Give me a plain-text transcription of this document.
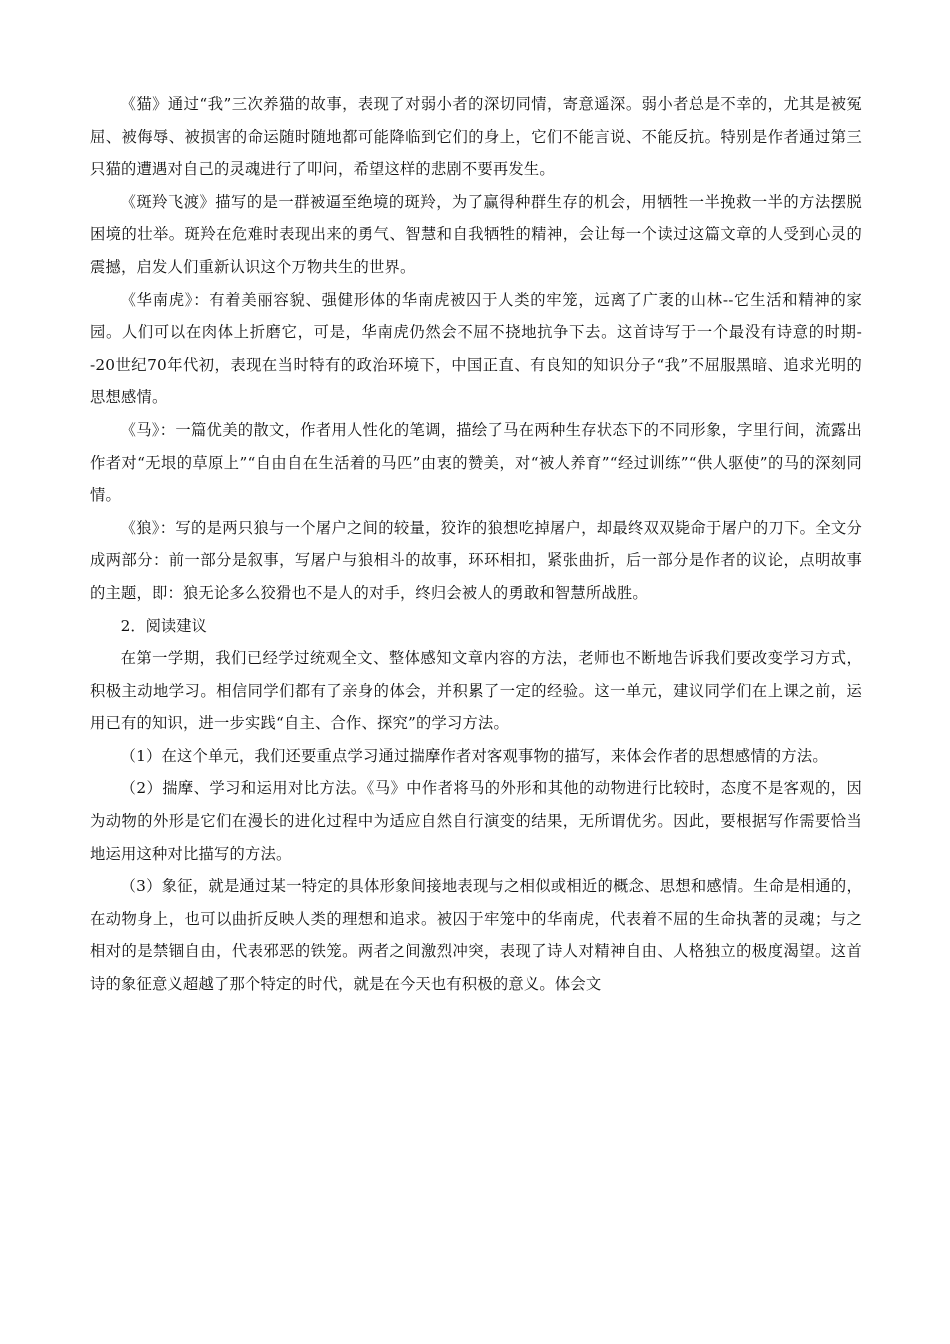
《猫》通过“我”三次养猫的故事，表现了对弱小者的深切同情，寄意遥深。弱小者总是不幸的，尤其是被冤屈、被侮辱、被损害的命运随时随地都可能降临到它们的身上，它们不能言说、不能反抗。特别是作者通过第三只猫的遭遇对自己的灵魂进行了叩问，希望这样的悲剧不要再发生。

《斑羚飞渡》描写的是一群被逼至绝境的斑羚，为了赢得种群生存的机会，用牺牲一半挽救一半的方法摆脱困境的壮举。斑羚在危难时表现出来的勇气、智慧和自我牺牲的精神，会让每一个读过这篇文章的人受到心灵的震撼，启发人们重新认识这个万物共生的世界。

《华南虎》：有着美丽容貌、强健形体的华南虎被囚于人类的牢笼，远离了广袤的山林--它生活和精神的家园。人们可以在肉体上折磨它，可是，华南虎仍然会不屈不挠地抗争下去。这首诗写于一个最没有诗意的时期--20世纪70年代初，表现在当时特有的政治环境下，中国正直、有良知的知识分子“我”不屈服黑暗、追求光明的思想感情。

《马》：一篇优美的散文，作者用人性化的笔调，描绘了马在两种生存状态下的不同形象，字里行间，流露出作者对“无垠的草原上”“自由自在生活着的马匹”由衷的赞美，对“被人养育”“经过训练”“供人驱使”的马的深刻同情。

《狼》：写的是两只狼与一个屠户之间的较量，狡诈的狼想吃掉屠户，却最终双双毙命于屠户的刀下。全文分成两部分：前一部分是叙事，写屠户与狼相斗的故事，环环相扣，紧张曲折，后一部分是作者的议论，点明故事的主题，即：狼无论多么狡猾也不是人的对手，终归会被人的勇敢和智慧所战胜。

2．阅读建议

在第一学期，我们已经学过统观全文、整体感知文章内容的方法，老师也不断地告诉我们要改变学习方式，积极主动地学习。相信同学们都有了亲身的体会，并积累了一定的经验。这一单元，建议同学们在上课之前，运用已有的知识，进一步实践“自主、合作、探究”的学习方法。

（1）在这个单元，我们还要重点学习通过揣摩作者对客观事物的描写，来体会作者的思想感情的方法。

（2）揣摩、学习和运用对比方法。《马》中作者将马的外形和其他的动物进行比较时，态度不是客观的，因为动物的外形是它们在漫长的进化过程中为适应自然自行演变的结果，无所谓优劣。因此，要根据写作需要恰当地运用这种对比描写的方法。

（3）象征，就是通过某一特定的具体形象间接地表现与之相似或相近的概念、思想和感情。生命是相通的，在动物身上，也可以曲折反映人类的理想和追求。被囚于牢笼中的华南虎，代表着不屈的生命执著的灵魂；与之相对的是禁锢自由，代表邪恶的铁笼。两者之间激烈冲突，表现了诗人对精神自由、人格独立的极度渴望。这首诗的象征意义超越了那个特定的时代，就是在今天也有积极的意义。体会文
